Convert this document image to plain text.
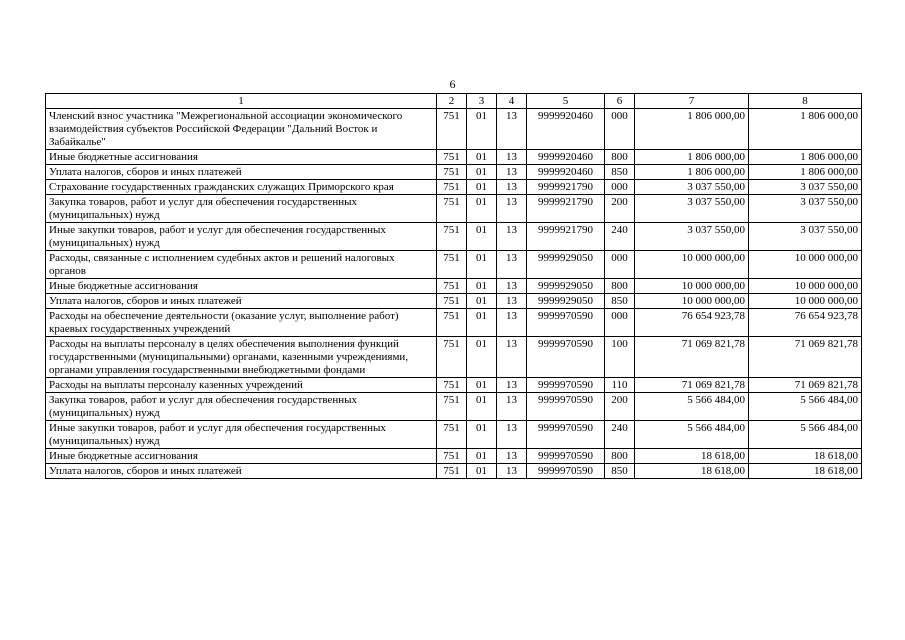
6
1	2	3	4	5	6	7	8
Членский взнос участника "Межрегиональной ассоциации экономического взаимодействия субъектов Российской Федерации "Дальний Восток и Забайкалье"	751	01	13	9999920460	000	1 806 000,00	1 806 000,00
Иные бюджетные ассигнования	751	01	13	9999920460	800	1 806 000,00	1 806 000,00
Уплата налогов, сборов и иных платежей	751	01	13	9999920460	850	1 806 000,00	1 806 000,00
Страхование государственных гражданских служащих Приморского края	751	01	13	9999921790	000	3 037 550,00	3 037 550,00
Закупка товаров, работ и услуг для обеспечения государственных (муниципальных) нужд	751	01	13	9999921790	200	3 037 550,00	3 037 550,00
Иные закупки товаров, работ и услуг для обеспечения государственных (муниципальных) нужд	751	01	13	9999921790	240	3 037 550,00	3 037 550,00
Расходы, связанные с исполнением судебных актов и решений налоговых органов	751	01	13	9999929050	000	10 000 000,00	10 000 000,00
Иные бюджетные ассигнования	751	01	13	9999929050	800	10 000 000,00	10 000 000,00
Уплата налогов, сборов и иных платежей	751	01	13	9999929050	850	10 000 000,00	10 000 000,00
Расходы на обеспечение деятельности (оказание услуг, выполнение работ) краевых государственных учреждений	751	01	13	9999970590	000	76 654 923,78	76 654 923,78
Расходы на выплаты персоналу в целях обеспечения выполнения функций государственными (муниципальными) органами, казенными учреждениями, органами управления государственными внебюджетными фондами	751	01	13	9999970590	100	71 069 821,78	71 069 821,78
Расходы на выплаты персоналу казенных учреждений	751	01	13	9999970590	110	71 069 821,78	71 069 821,78
Закупка товаров, работ и услуг для обеспечения государственных (муниципальных) нужд	751	01	13	9999970590	200	5 566 484,00	5 566 484,00
Иные закупки товаров, работ и услуг для обеспечения государственных (муниципальных) нужд	751	01	13	9999970590	240	5 566 484,00	5 566 484,00
Иные бюджетные ассигнования	751	01	13	9999970590	800	18 618,00	18 618,00
Уплата налогов, сборов и иных платежей	751	01	13	9999970590	850	18 618,00	18 618,00
